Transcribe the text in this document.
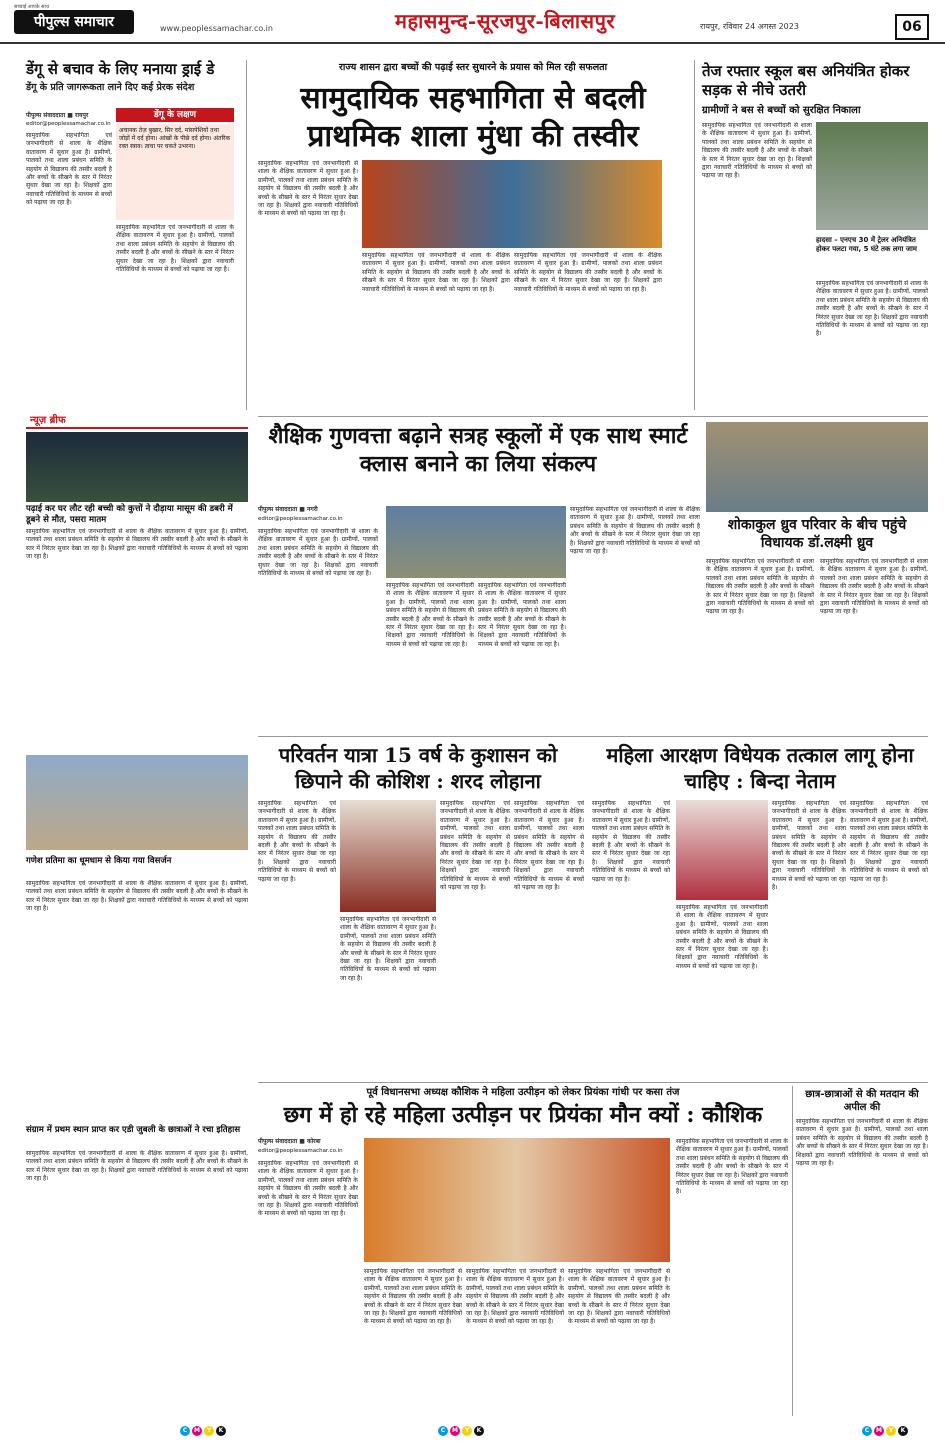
सच्चाई आपके साथ
पीपुल्स समाचार	www.peoplessamachar.co.in	महासमुन्द-सूरजपुर-बिलासपुर	रायपुर, रविवार 24 अगस्त 2023	06
डेंगू से बचाव के लिए मनाया ड्राई डे
डेंगू के प्रति जागरूकता लाने दिए कई प्रेरक संदेश
पीपुल्स संवाददाता ■ रायपुर
editor@peoplessamachar.co.in
डेंगू के लक्षण
अचानक तेज़ बुखार, सिर दर्द, मांसपेशियों तथा जोड़ों में दर्द होना। आंखों के पीछे दर्द होना। अंतरिक रक्त स्त्राव। त्वचा पर चकते उभरना।
सामुदायिक सहभागिता एवं जनभागीदारी से शाला के शैक्षिक वातावरण में सुधार हुआ है। ग्रामीणों, पालकों तथा शाला प्रबंधन समिति के सहयोग से विद्यालय की तस्वीर बदली है और बच्चों के सीखने के स्तर में निरंतर सुधार देखा जा रहा है। शिक्षकों द्वारा नवाचारी गतिविधियों के माध्यम से बच्चों को पढ़ाया जा रहा है।
सामुदायिक सहभागिता एवं जनभागीदारी से शाला के शैक्षिक वातावरण में सुधार हुआ है। ग्रामीणों, पालकों तथा शाला प्रबंधन समिति के सहयोग से विद्यालय की तस्वीर बदली है और बच्चों के सीखने के स्तर में निरंतर सुधार देखा जा रहा है। शिक्षकों द्वारा नवाचारी गतिविधियों के माध्यम से बच्चों को पढ़ाया जा रहा है।
न्यूज़ ब्रीफ
पढ़ाई कर घर लौट रही बच्ची को कुत्तों ने दौड़ाया मासूम की डबरी में डूबने से मौत, पसरा मातम
सामुदायिक सहभागिता एवं जनभागीदारी से शाला के शैक्षिक वातावरण में सुधार हुआ है। ग्रामीणों, पालकों तथा शाला प्रबंधन समिति के सहयोग से विद्यालय की तस्वीर बदली है और बच्चों के सीखने के स्तर में निरंतर सुधार देखा जा रहा है। शिक्षकों द्वारा नवाचारी गतिविधियों के माध्यम से बच्चों को पढ़ाया जा रहा है।
गणेश प्रतिमा का धूमधाम से किया गया विसर्जन
सामुदायिक सहभागिता एवं जनभागीदारी से शाला के शैक्षिक वातावरण में सुधार हुआ है। ग्रामीणों, पालकों तथा शाला प्रबंधन समिति के सहयोग से विद्यालय की तस्वीर बदली है और बच्चों के सीखने के स्तर में निरंतर सुधार देखा जा रहा है। शिक्षकों द्वारा नवाचारी गतिविधियों के माध्यम से बच्चों को पढ़ाया जा रहा है।
संग्राम में प्रथम स्थान प्राप्त कर एडी जुबली के छात्राओं ने रचा इतिहास
सामुदायिक सहभागिता एवं जनभागीदारी से शाला के शैक्षिक वातावरण में सुधार हुआ है। ग्रामीणों, पालकों तथा शाला प्रबंधन समिति के सहयोग से विद्यालय की तस्वीर बदली है और बच्चों के सीखने के स्तर में निरंतर सुधार देखा जा रहा है। शिक्षकों द्वारा नवाचारी गतिविधियों के माध्यम से बच्चों को पढ़ाया जा रहा है।
राज्य शासन द्वारा बच्चों की पढ़ाई स्तर सुधारने के प्रयास को मिल रही सफलता
सामुदायिक सहभागिता से बदली प्राथमिक शाला मुंधा की तस्वीर
सामुदायिक सहभागिता एवं जनभागीदारी से शाला के शैक्षिक वातावरण में सुधार हुआ है। ग्रामीणों, पालकों तथा शाला प्रबंधन समिति के सहयोग से विद्यालय की तस्वीर बदली है और बच्चों के सीखने के स्तर में निरंतर सुधार देखा जा रहा है। शिक्षकों द्वारा नवाचारी गतिविधियों के माध्यम से बच्चों को पढ़ाया जा रहा है।
सामुदायिक सहभागिता एवं जनभागीदारी से शाला के शैक्षिक वातावरण में सुधार हुआ है। ग्रामीणों, पालकों तथा शाला प्रबंधन समिति के सहयोग से विद्यालय की तस्वीर बदली है और बच्चों के सीखने के स्तर में निरंतर सुधार देखा जा रहा है। शिक्षकों द्वारा नवाचारी गतिविधियों के माध्यम से बच्चों को पढ़ाया जा रहा है।
सामुदायिक सहभागिता एवं जनभागीदारी से शाला के शैक्षिक वातावरण में सुधार हुआ है। ग्रामीणों, पालकों तथा शाला प्रबंधन समिति के सहयोग से विद्यालय की तस्वीर बदली है और बच्चों के सीखने के स्तर में निरंतर सुधार देखा जा रहा है। शिक्षकों द्वारा नवाचारी गतिविधियों के माध्यम से बच्चों को पढ़ाया जा रहा है।
तेज रफ्तार स्कूल बस अनियंत्रित होकर सड़क से नीचे उतरी
ग्रामीणों ने बस से बच्चों को सुरक्षित निकाला
सामुदायिक सहभागिता एवं जनभागीदारी से शाला के शैक्षिक वातावरण में सुधार हुआ है। ग्रामीणों, पालकों तथा शाला प्रबंधन समिति के सहयोग से विद्यालय की तस्वीर बदली है और बच्चों के सीखने के स्तर में निरंतर सुधार देखा जा रहा है। शिक्षकों द्वारा नवाचारी गतिविधियों के माध्यम से बच्चों को पढ़ाया जा रहा है।
हादसा – एनएच 30 में ट्रेलर अनियंत्रित होकर पलटा गया, 5 घंटे तक लगा जाम
सामुदायिक सहभागिता एवं जनभागीदारी से शाला के शैक्षिक वातावरण में सुधार हुआ है। ग्रामीणों, पालकों तथा शाला प्रबंधन समिति के सहयोग से विद्यालय की तस्वीर बदली है और बच्चों के सीखने के स्तर में निरंतर सुधार देखा जा रहा है। शिक्षकों द्वारा नवाचारी गतिविधियों के माध्यम से बच्चों को पढ़ाया जा रहा है।
शैक्षिक गुणवत्ता बढ़ाने सत्रह स्कूलों में एक साथ स्मार्ट क्लास बनाने का लिया संकल्प
पीपुल्स संवाददाता ■ नगरी
editor@peoplessamachar.co.in
सामुदायिक सहभागिता एवं जनभागीदारी से शाला के शैक्षिक वातावरण में सुधार हुआ है। ग्रामीणों, पालकों तथा शाला प्रबंधन समिति के सहयोग से विद्यालय की तस्वीर बदली है और बच्चों के सीखने के स्तर में निरंतर सुधार देखा जा रहा है। शिक्षकों द्वारा नवाचारी गतिविधियों के माध्यम से बच्चों को पढ़ाया जा रहा है।
सामुदायिक सहभागिता एवं जनभागीदारी से शाला के शैक्षिक वातावरण में सुधार हुआ है। ग्रामीणों, पालकों तथा शाला प्रबंधन समिति के सहयोग से विद्यालय की तस्वीर बदली है और बच्चों के सीखने के स्तर में निरंतर सुधार देखा जा रहा है। शिक्षकों द्वारा नवाचारी गतिविधियों के माध्यम से बच्चों को पढ़ाया जा रहा है।
सामुदायिक सहभागिता एवं जनभागीदारी से शाला के शैक्षिक वातावरण में सुधार हुआ है। ग्रामीणों, पालकों तथा शाला प्रबंधन समिति के सहयोग से विद्यालय की तस्वीर बदली है और बच्चों के सीखने के स्तर में निरंतर सुधार देखा जा रहा है। शिक्षकों द्वारा नवाचारी गतिविधियों के माध्यम से बच्चों को पढ़ाया जा रहा है।
सामुदायिक सहभागिता एवं जनभागीदारी से शाला के शैक्षिक वातावरण में सुधार हुआ है। ग्रामीणों, पालकों तथा शाला प्रबंधन समिति के सहयोग से विद्यालय की तस्वीर बदली है और बच्चों के सीखने के स्तर में निरंतर सुधार देखा जा रहा है। शिक्षकों द्वारा नवाचारी गतिविधियों के माध्यम से बच्चों को पढ़ाया जा रहा है।
शोकाकुल ध्रुव परिवार के बीच पहुंचे विधायक डॉ.लक्ष्मी ध्रुव
सामुदायिक सहभागिता एवं जनभागीदारी से शाला के शैक्षिक वातावरण में सुधार हुआ है। ग्रामीणों, पालकों तथा शाला प्रबंधन समिति के सहयोग से विद्यालय की तस्वीर बदली है और बच्चों के सीखने के स्तर में निरंतर सुधार देखा जा रहा है। शिक्षकों द्वारा नवाचारी गतिविधियों के माध्यम से बच्चों को पढ़ाया जा रहा है।
सामुदायिक सहभागिता एवं जनभागीदारी से शाला के शैक्षिक वातावरण में सुधार हुआ है। ग्रामीणों, पालकों तथा शाला प्रबंधन समिति के सहयोग से विद्यालय की तस्वीर बदली है और बच्चों के सीखने के स्तर में निरंतर सुधार देखा जा रहा है। शिक्षकों द्वारा नवाचारी गतिविधियों के माध्यम से बच्चों को पढ़ाया जा रहा है।
परिवर्तन यात्रा 15 वर्ष के कुशासन को छिपाने की कोशिश : शरद लोहाना
सामुदायिक सहभागिता एवं जनभागीदारी से शाला के शैक्षिक वातावरण में सुधार हुआ है। ग्रामीणों, पालकों तथा शाला प्रबंधन समिति के सहयोग से विद्यालय की तस्वीर बदली है और बच्चों के सीखने के स्तर में निरंतर सुधार देखा जा रहा है। शिक्षकों द्वारा नवाचारी गतिविधियों के माध्यम से बच्चों को पढ़ाया जा रहा है।
सामुदायिक सहभागिता एवं जनभागीदारी से शाला के शैक्षिक वातावरण में सुधार हुआ है। ग्रामीणों, पालकों तथा शाला प्रबंधन समिति के सहयोग से विद्यालय की तस्वीर बदली है और बच्चों के सीखने के स्तर में निरंतर सुधार देखा जा रहा है। शिक्षकों द्वारा नवाचारी गतिविधियों के माध्यम से बच्चों को पढ़ाया जा रहा है।
सामुदायिक सहभागिता एवं जनभागीदारी से शाला के शैक्षिक वातावरण में सुधार हुआ है। ग्रामीणों, पालकों तथा शाला प्रबंधन समिति के सहयोग से विद्यालय की तस्वीर बदली है और बच्चों के सीखने के स्तर में निरंतर सुधार देखा जा रहा है। शिक्षकों द्वारा नवाचारी गतिविधियों के माध्यम से बच्चों को पढ़ाया जा रहा है।
सामुदायिक सहभागिता एवं जनभागीदारी से शाला के शैक्षिक वातावरण में सुधार हुआ है। ग्रामीणों, पालकों तथा शाला प्रबंधन समिति के सहयोग से विद्यालय की तस्वीर बदली है और बच्चों के सीखने के स्तर में निरंतर सुधार देखा जा रहा है। शिक्षकों द्वारा नवाचारी गतिविधियों के माध्यम से बच्चों को पढ़ाया जा रहा है।
महिला आरक्षण विधेयक तत्काल लागू होना चाहिए : बिन्दा नेताम
सामुदायिक सहभागिता एवं जनभागीदारी से शाला के शैक्षिक वातावरण में सुधार हुआ है। ग्रामीणों, पालकों तथा शाला प्रबंधन समिति के सहयोग से विद्यालय की तस्वीर बदली है और बच्चों के सीखने के स्तर में निरंतर सुधार देखा जा रहा है। शिक्षकों द्वारा नवाचारी गतिविधियों के माध्यम से बच्चों को पढ़ाया जा रहा है।
सामुदायिक सहभागिता एवं जनभागीदारी से शाला के शैक्षिक वातावरण में सुधार हुआ है। ग्रामीणों, पालकों तथा शाला प्रबंधन समिति के सहयोग से विद्यालय की तस्वीर बदली है और बच्चों के सीखने के स्तर में निरंतर सुधार देखा जा रहा है। शिक्षकों द्वारा नवाचारी गतिविधियों के माध्यम से बच्चों को पढ़ाया जा रहा है।
सामुदायिक सहभागिता एवं जनभागीदारी से शाला के शैक्षिक वातावरण में सुधार हुआ है। ग्रामीणों, पालकों तथा शाला प्रबंधन समिति के सहयोग से विद्यालय की तस्वीर बदली है और बच्चों के सीखने के स्तर में निरंतर सुधार देखा जा रहा है। शिक्षकों द्वारा नवाचारी गतिविधियों के माध्यम से बच्चों को पढ़ाया जा रहा है।
सामुदायिक सहभागिता एवं जनभागीदारी से शाला के शैक्षिक वातावरण में सुधार हुआ है। ग्रामीणों, पालकों तथा शाला प्रबंधन समिति के सहयोग से विद्यालय की तस्वीर बदली है और बच्चों के सीखने के स्तर में निरंतर सुधार देखा जा रहा है। शिक्षकों द्वारा नवाचारी गतिविधियों के माध्यम से बच्चों को पढ़ाया जा रहा है।
पूर्व विधानसभा अध्यक्ष कौशिक ने महिला उत्पीड़न को लेकर प्रियंका गांधी पर कसा तंज
छग में हो रहे महिला उत्पीड़न पर प्रियंका मौन क्यों : कौशिक
पीपुल्स संवाददाता ■ कोरबा
editor@peoplessamachar.co.in
सामुदायिक सहभागिता एवं जनभागीदारी से शाला के शैक्षिक वातावरण में सुधार हुआ है। ग्रामीणों, पालकों तथा शाला प्रबंधन समिति के सहयोग से विद्यालय की तस्वीर बदली है और बच्चों के सीखने के स्तर में निरंतर सुधार देखा जा रहा है। शिक्षकों द्वारा नवाचारी गतिविधियों के माध्यम से बच्चों को पढ़ाया जा रहा है।
सामुदायिक सहभागिता एवं जनभागीदारी से शाला के शैक्षिक वातावरण में सुधार हुआ है। ग्रामीणों, पालकों तथा शाला प्रबंधन समिति के सहयोग से विद्यालय की तस्वीर बदली है और बच्चों के सीखने के स्तर में निरंतर सुधार देखा जा रहा है। शिक्षकों द्वारा नवाचारी गतिविधियों के माध्यम से बच्चों को पढ़ाया जा रहा है।
सामुदायिक सहभागिता एवं जनभागीदारी से शाला के शैक्षिक वातावरण में सुधार हुआ है। ग्रामीणों, पालकों तथा शाला प्रबंधन समिति के सहयोग से विद्यालय की तस्वीर बदली है और बच्चों के सीखने के स्तर में निरंतर सुधार देखा जा रहा है। शिक्षकों द्वारा नवाचारी गतिविधियों के माध्यम से बच्चों को पढ़ाया जा रहा है।
सामुदायिक सहभागिता एवं जनभागीदारी से शाला के शैक्षिक वातावरण में सुधार हुआ है। ग्रामीणों, पालकों तथा शाला प्रबंधन समिति के सहयोग से विद्यालय की तस्वीर बदली है और बच्चों के सीखने के स्तर में निरंतर सुधार देखा जा रहा है। शिक्षकों द्वारा नवाचारी गतिविधियों के माध्यम से बच्चों को पढ़ाया जा रहा है।
सामुदायिक सहभागिता एवं जनभागीदारी से शाला के शैक्षिक वातावरण में सुधार हुआ है। ग्रामीणों, पालकों तथा शाला प्रबंधन समिति के सहयोग से विद्यालय की तस्वीर बदली है और बच्चों के सीखने के स्तर में निरंतर सुधार देखा जा रहा है। शिक्षकों द्वारा नवाचारी गतिविधियों के माध्यम से बच्चों को पढ़ाया जा रहा है।
छात्र-छात्राओं से की मतदान की अपील की
सामुदायिक सहभागिता एवं जनभागीदारी से शाला के शैक्षिक वातावरण में सुधार हुआ है। ग्रामीणों, पालकों तथा शाला प्रबंधन समिति के सहयोग से विद्यालय की तस्वीर बदली है और बच्चों के सीखने के स्तर में निरंतर सुधार देखा जा रहा है। शिक्षकों द्वारा नवाचारी गतिविधियों के माध्यम से बच्चों को पढ़ाया जा रहा है।
C M Y K	C M Y K	C M Y K
